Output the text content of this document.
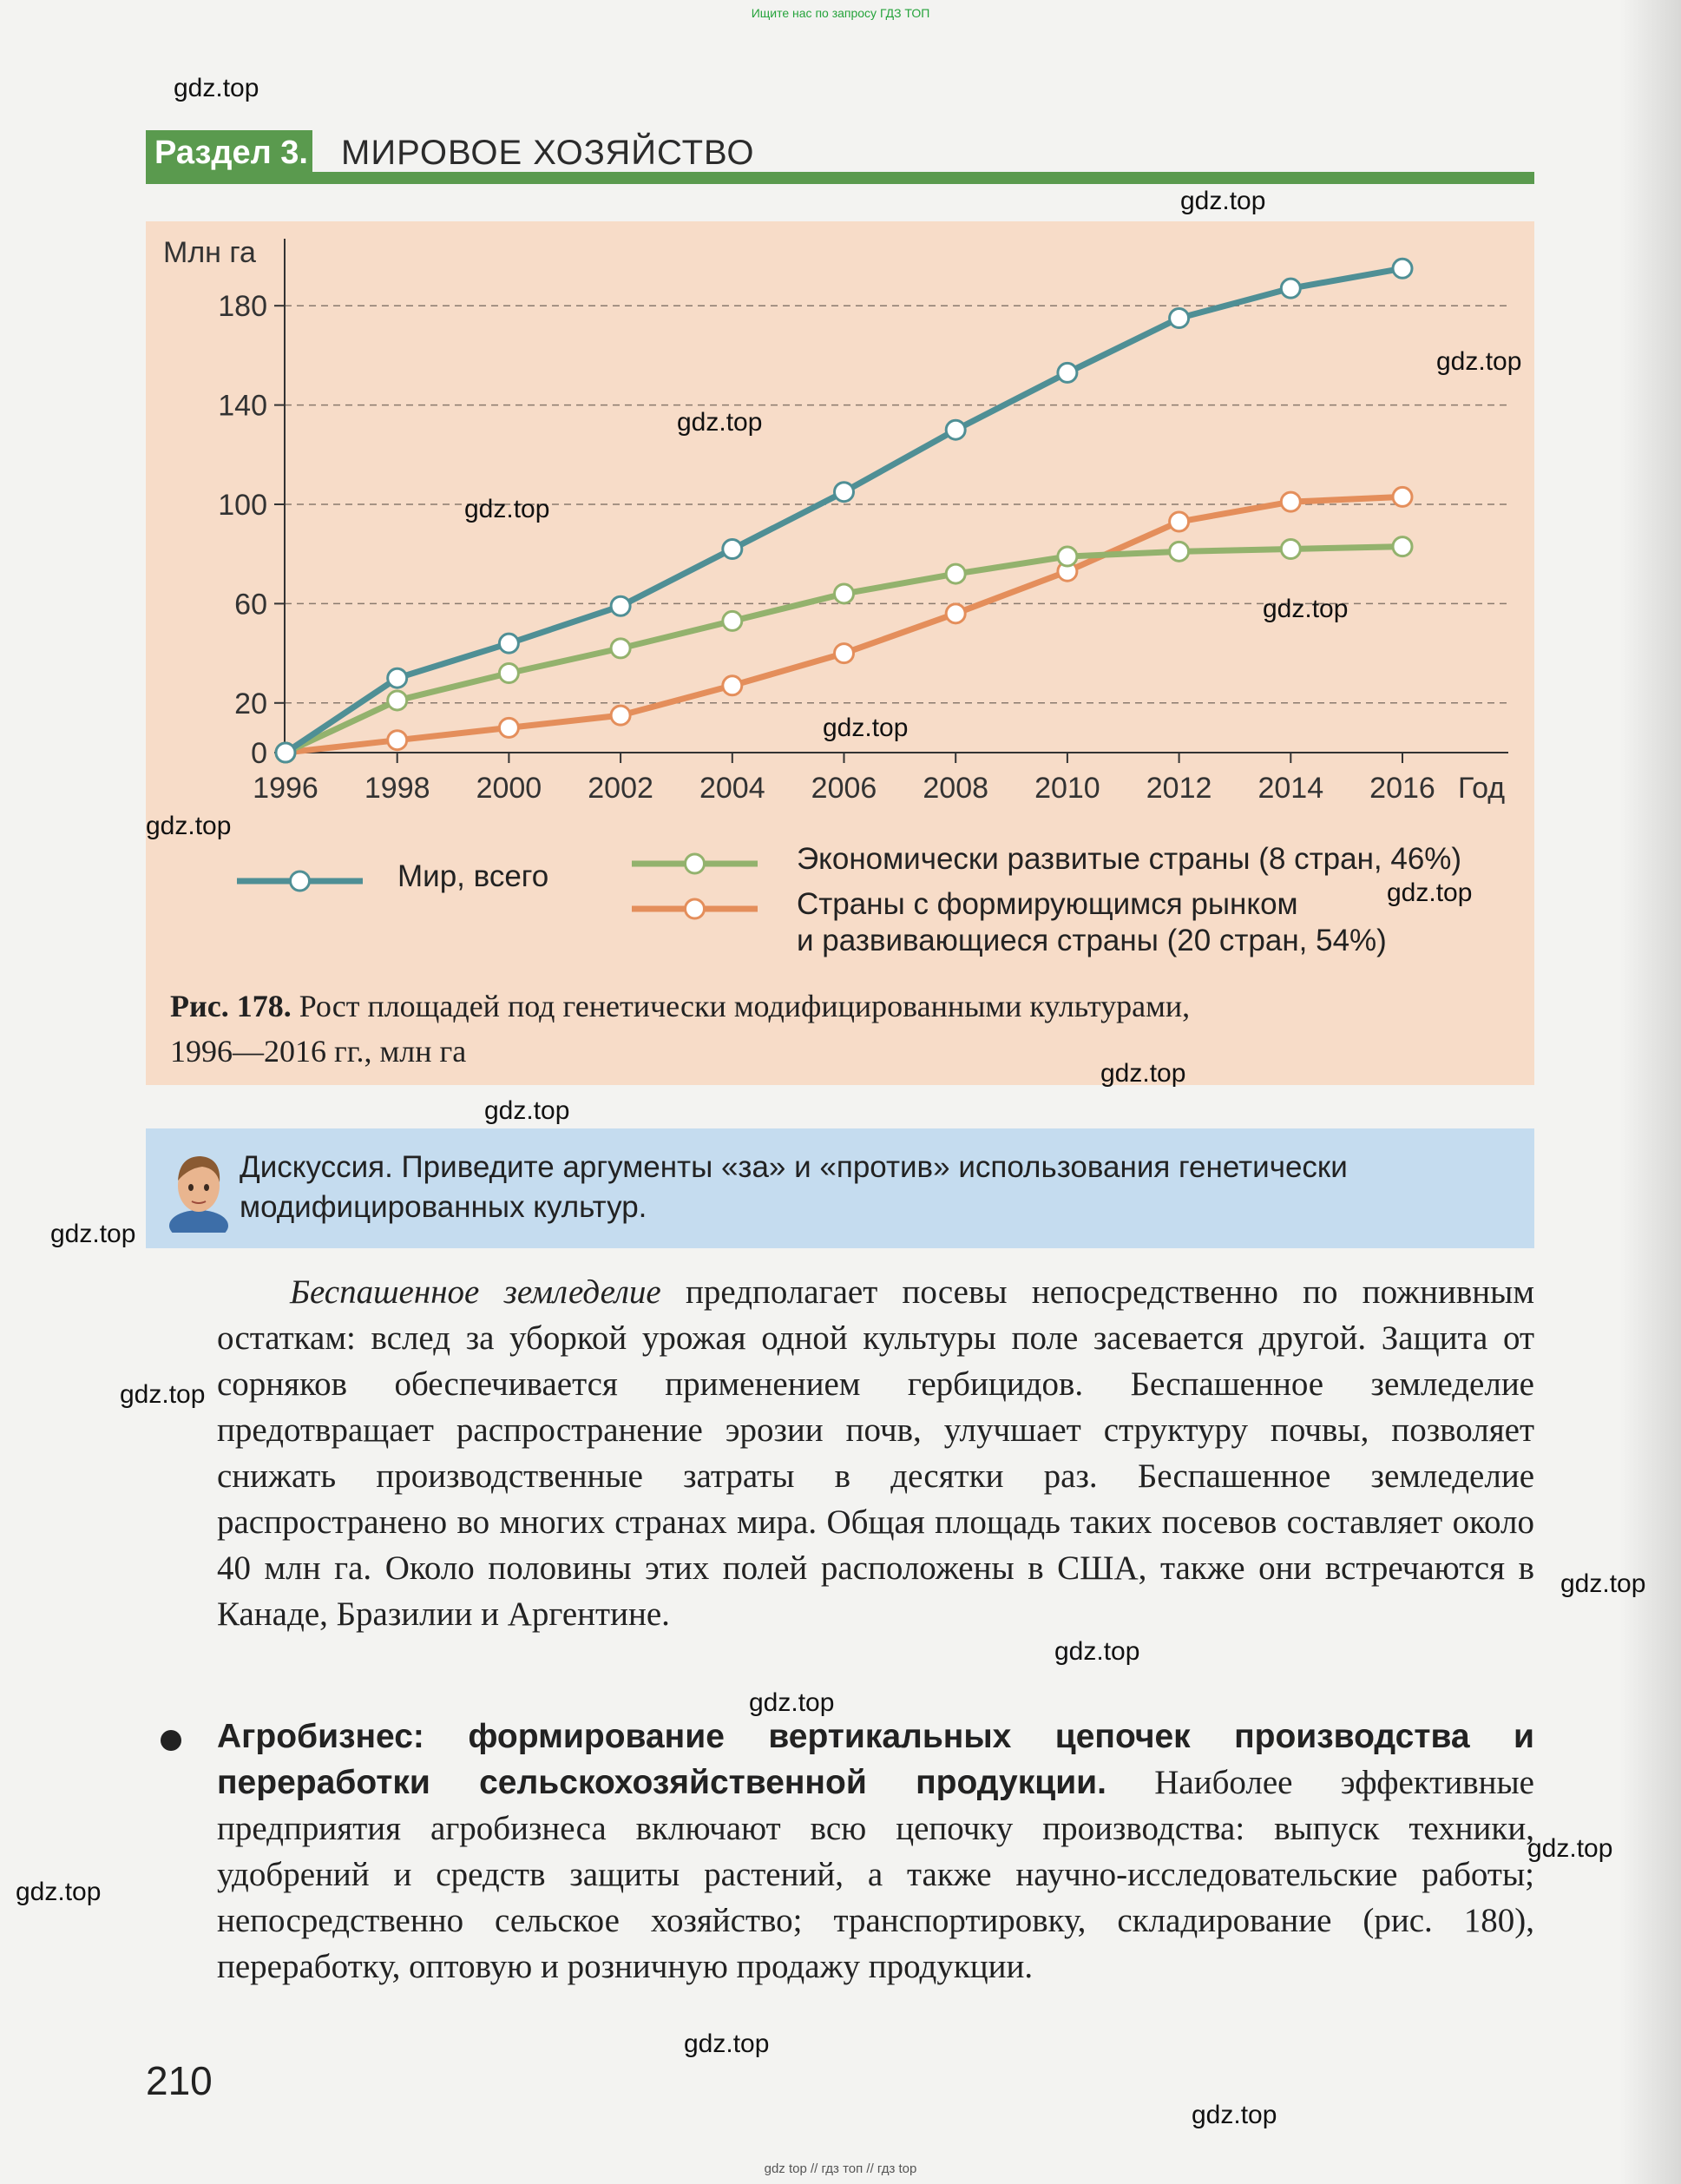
Ищите нас по запросу ГДЗ ТОП
Раздел 3. МИРОВОЕ ХОЗЯЙСТВО
0
20
60
100
140
180
Млн га
1996 1998 2000 2002 2004 2006 2008 2010 2012 2014 2016 Год
Мир, всего
Экономически развитые страны (8 стран, 46%)
Страны с формирующимся рынком
и развивающиеся страны (20 стран, 54%)
Рис. 178. Рост площадей под генетически модифицированными культурами,
1996—2016 гг., млн га
Дискуссия. Приведите аргументы «за» и «против» использования генетически
модифицированных культур.
Беспашенное земледелие предполагает посевы непосредственно по пожнивным остаткам: вслед за уборкой урожая одной культуры поле засевается другой. Защита от сорняков обеспечивается применением гербицидов. Беспашенное земледелие предотвращает распространение эрозии почв, улучшает структуру почвы, позволяет снижать производственные затраты в десятки раз. Беспашенное земледелие распространено во многих странах мира. Общая площадь таких посевов составляет около 40 млн га. Около половины этих полей расположены в США, также они встречаются в Канаде, Бразилии и Аргентине.
Агробизнес: формирование вертикальных цепочек производства и переработки сельскохозяйственной продукции. Наиболее эффективные предприятия агробизнеса включают всю цепочку производства: выпуск техники, удобрений и средств защиты растений, а также научно-исследовательские работы; непосредственно сельское хозяйство; транспортировку, складирование (рис. 180), переработку, оптовую и розничную продажу продукции.
210
gdz top // гдз топ // гдз top
gdz.top
gdz.top
gdz.top
gdz.top
gdz.top
gdz.top
gdz.top
gdz.top
gdz.top
gdz.top
gdz.top
gdz.top
gdz.top
gdz.top
gdz.top
gdz.top
gdz.top
gdz.top
gdz.top
gdz.top
